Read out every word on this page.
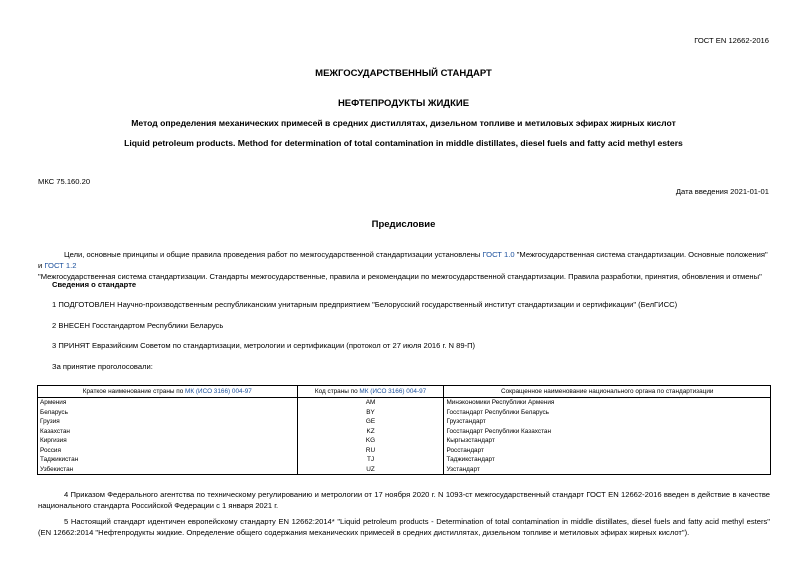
ГОСТ EN 12662-2016
МЕЖГОСУДАРСТВЕННЫЙ СТАНДАРТ
НЕФТЕПРОДУКТЫ ЖИДКИЕ
Метод определения механических примесей в средних дистиллятах, дизельном топливе и метиловых эфирах жирных кислот
Liquid petroleum products. Method for determination of total contamination in middle distillates, diesel fuels and fatty acid methyl esters
МКС 75.160.20
Дата введения 2021-01-01
Предисловие
Цели, основные принципы и общие правила проведения работ по межгосударственной стандартизации установлены ГОСТ 1.0 "Межгосударственная система стандартизации. Основные положения" и ГОСТ 1.2
"Межгосударственная система стандартизации. Стандарты межгосударственные, правила и рекомендации по межгосударственной стандартизации. Правила разработки, принятия, обновления и отмены"
Сведения о стандарте
1 ПОДГОТОВЛЕН Научно-производственным республиканским унитарным предприятием "Белорусский государственный институт стандартизации и сертификации" (БелГИСС)
2 ВНЕСЕН Госстандартом Республики Беларусь
3 ПРИНЯТ Евразийским Советом по стандартизации, метрологии и сертификации (протокол от 27 июля 2016 г. N 89-П)
За принятие проголосовали:
Краткое наименование страны по МК (ИСО 3166) 004-97	Код страны по МК (ИСО 3166) 004-97	Сокращенное наименование национального органа по стандартизации
Армения	AM	Минэкономики Республики Армения
Беларусь	BY	Госстандарт Республики Беларусь
Грузия	GE	Грузстандарт
Казахстан	KZ	Госстандарт Республики Казахстан
Киргизия	KG	Кыргызстандарт
Россия	RU	Росстандарт
Таджикистан	TJ	Таджикстандарт
Узбекистан	UZ	Узстандарт
4 Приказом Федерального агентства по техническому регулированию и метрологии от 17 ноября 2020 г. N 1093-ст межгосударственный стандарт ГОСТ EN 12662-2016 введен в действие в качестве национального стандарта Российской Федерации с 1 января 2021 г.
5 Настоящий стандарт идентичен европейскому стандарту EN 12662:2014* "Liquid petroleum products - Determination of total contamination in middle distillates, diesel fuels and fatty acid methyl esters" (EN 12662:2014 "Нефтепродукты жидкие. Определение общего содержания механических примесей в средних дистиллятах, дизельном топливе и метиловых эфирах жирных кислот").
